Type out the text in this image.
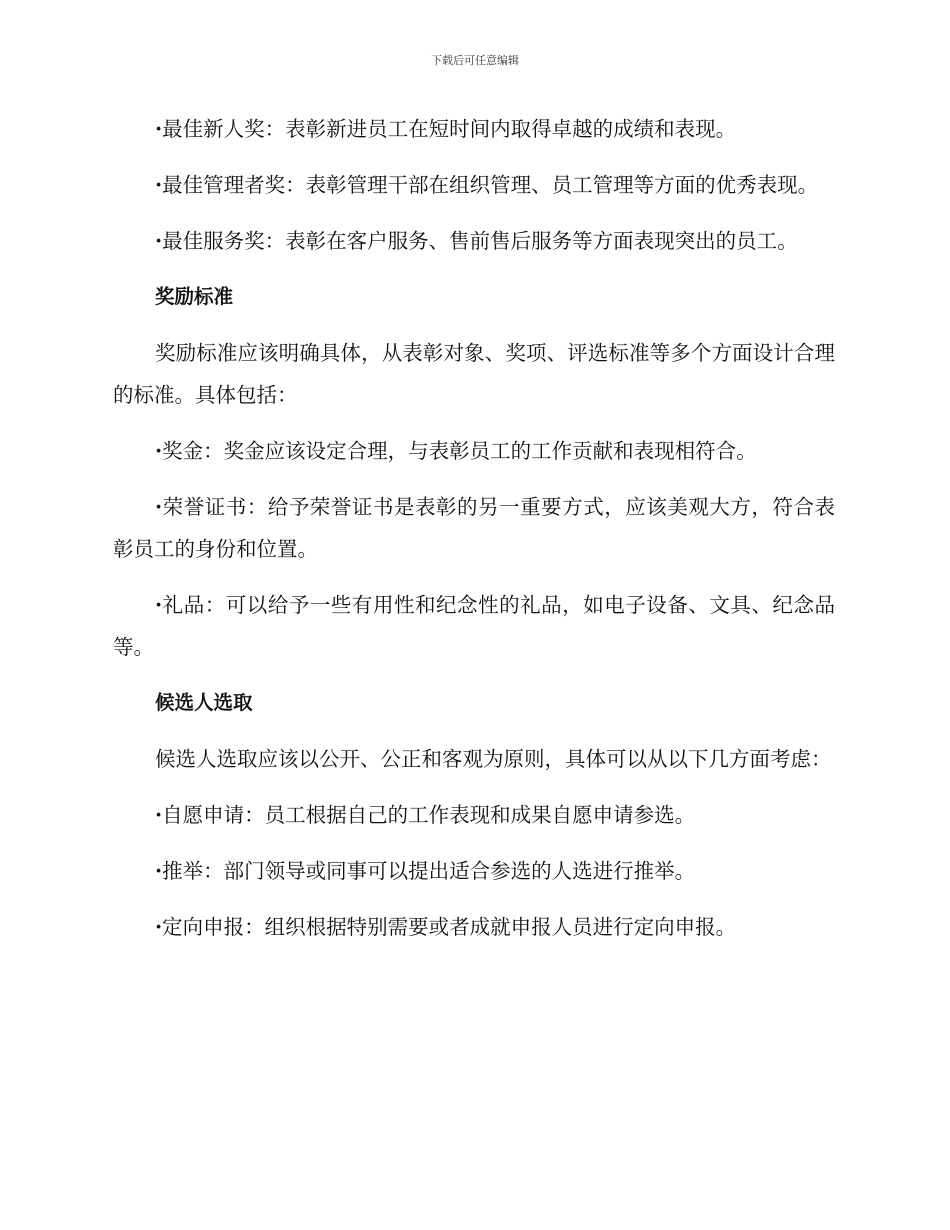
下载后可任意编辑

·最佳新人奖：表彰新进员工在短时间内取得卓越的成绩和表现。

·最佳管理者奖：表彰管理干部在组织管理、员工管理等方面的优秀表现。

·最佳服务奖：表彰在客户服务、售前售后服务等方面表现突出的员工。

奖励标准

奖励标准应该明确具体，从表彰对象、奖项、评选标准等多个方面设计合理的标准。具体包括：

·奖金：奖金应该设定合理，与表彰员工的工作贡献和表现相符合。

·荣誉证书：给予荣誉证书是表彰的另一重要方式，应该美观大方，符合表彰员工的身份和位置。

·礼品：可以给予一些有用性和纪念性的礼品，如电子设备、文具、纪念品等。

候选人选取

候选人选取应该以公开、公正和客观为原则，具体可以从以下几方面考虑：

·自愿申请：员工根据自己的工作表现和成果自愿申请参选。

·推举：部门领导或同事可以提出适合参选的人选进行推举。

·定向申报：组织根据特别需要或者成就申报人员进行定向申报。
